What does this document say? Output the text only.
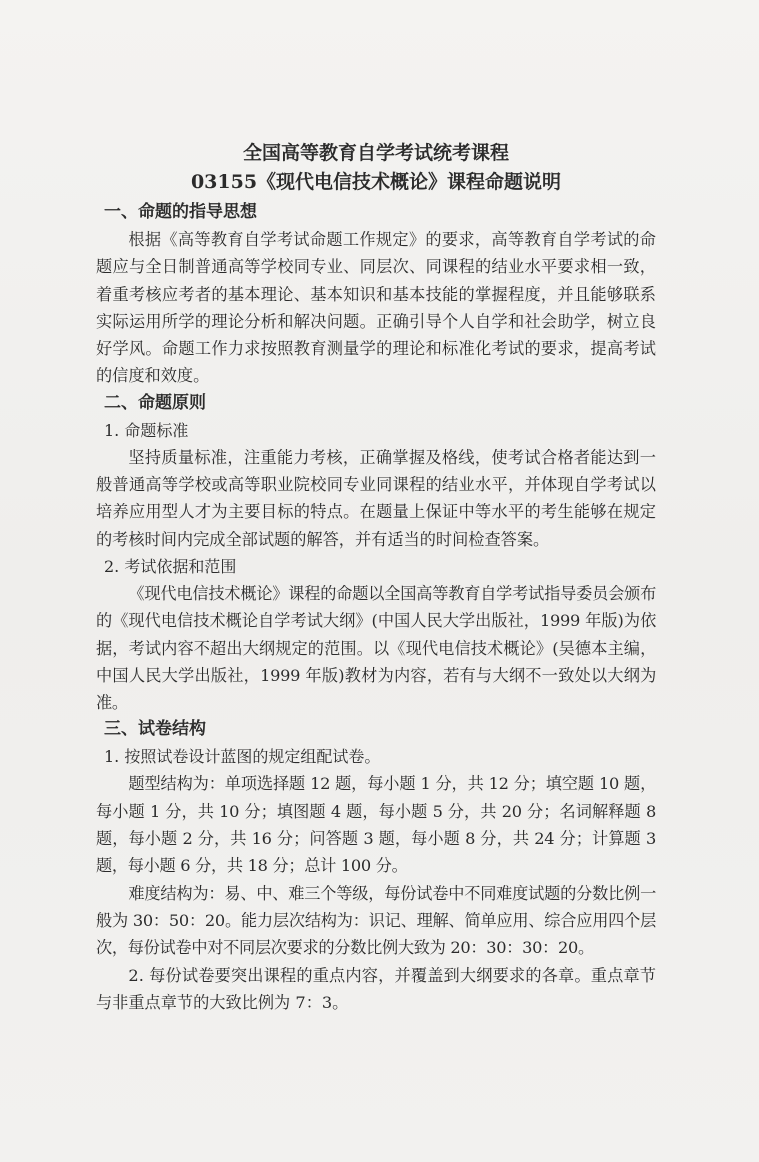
全国高等教育自学考试统考课程

03155《现代电信技术概论》课程命题说明

一、命题的指导思想

根据《高等教育自学考试命题工作规定》的要求，高等教育自学考试的命题应与全日制普通高等学校同专业、同层次、同课程的结业水平要求相一致，着重考核应考者的基本理论、基本知识和基本技能的掌握程度，并且能够联系实际运用所学的理论分析和解决问题。正确引导个人自学和社会助学，树立良好学风。命题工作力求按照教育测量学的理论和标准化考试的要求，提高考试的信度和效度。

二、命题原则

1. 命题标准

坚持质量标准，注重能力考核，正确掌握及格线，使考试合格者能达到一般普通高等学校或高等职业院校同专业同课程的结业水平，并体现自学考试以培养应用型人才为主要目标的特点。在题量上保证中等水平的考生能够在规定的考核时间内完成全部试题的解答，并有适当的时间检查答案。

2. 考试依据和范围

《现代电信技术概论》课程的命题以全国高等教育自学考试指导委员会颁布的《现代电信技术概论自学考试大纲》(中国人民大学出版社，1999 年版)为依据，考试内容不超出大纲规定的范围。以《现代电信技术概论》(吴德本主编，中国人民大学出版社，1999 年版)教材为内容，若有与大纲不一致处以大纲为准。

三、试卷结构

1. 按照试卷设计蓝图的规定组配试卷。

题型结构为：单项选择题 12 题，每小题 1 分，共 12 分；填空题 10 题，每小题 1 分，共 10 分；填图题 4 题，每小题 5 分，共 20 分；名词解释题 8 题，每小题 2 分，共 16 分；问答题 3 题，每小题 8 分，共 24 分；计算题 3 题，每小题 6 分，共 18 分；总计 100 分。

难度结构为：易、中、难三个等级，每份试卷中不同难度试题的分数比例一般为 30：50：20。能力层次结构为：识记、理解、简单应用、综合应用四个层次，每份试卷中对不同层次要求的分数比例大致为 20：30：30：20。

2. 每份试卷要突出课程的重点内容，并覆盖到大纲要求的各章。重点章节与非重点章节的大致比例为 7：3。
